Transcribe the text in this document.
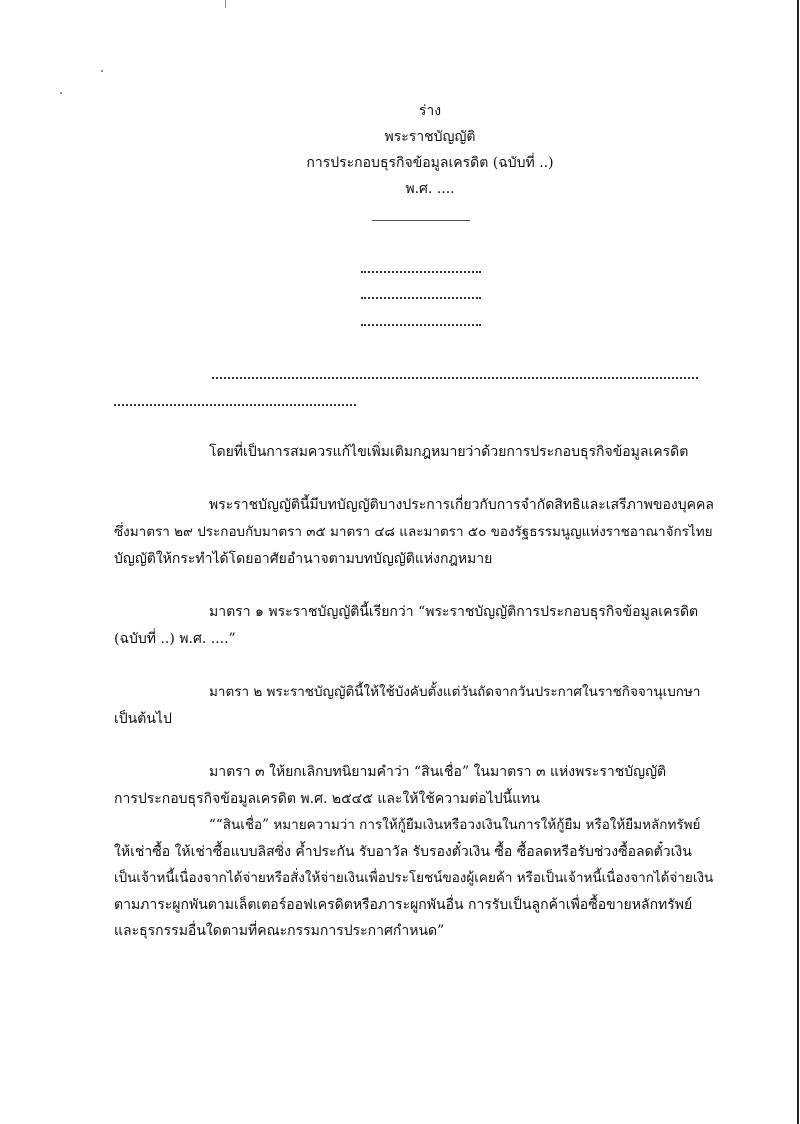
ร่าง
พระราชบัญญัติ
การประกอบธุรกิจข้อมูลเครดิต (ฉบับที่ ..)
พ.ศ. ....

โดยที่เป็นการสมควรแก้ไขเพิ่มเติมกฎหมายว่าด้วยการประกอบธุรกิจข้อมูลเครดิต

พระราชบัญญัตินี้มีบทบัญญัติบางประการเกี่ยวกับการจำกัดสิทธิและเสรีภาพของบุคคล

ซึ่งมาตรา ๒๙ ประกอบกับมาตรา ๓๕ มาตรา ๔๘ และมาตรา ๕๐ ของรัฐธรรมนูญแห่งราชอาณาจักรไทย

บัญญัติให้กระทำได้โดยอาศัยอำนาจตามบทบัญญัติแห่งกฎหมาย

มาตรา ๑ พระราชบัญญัตินี้เรียกว่า “พระราชบัญญัติการประกอบธุรกิจข้อมูลเครดิต

(ฉบับที่ ..) พ.ศ. ....”

มาตรา ๒ พระราชบัญญัตินี้ให้ใช้บังคับตั้งแต่วันถัดจากวันประกาศในราชกิจจานุเบกษา

เป็นต้นไป

มาตรา ๓ ให้ยกเลิกบทนิยามคำว่า “สินเชื่อ” ในมาตรา ๓ แห่งพระราชบัญญัติ

การประกอบธุรกิจข้อมูลเครดิต พ.ศ. ๒๕๔๕ และให้ใช้ความต่อไปนี้แทน

““สินเชื่อ” หมายความว่า การให้กู้ยืมเงินหรือวงเงินในการให้กู้ยืม หรือให้ยืมหลักทรัพย์

ให้เช่าซื้อ ให้เช่าซื้อแบบลิสซิ่ง ค้ำประกัน รับอาวัล รับรองตั๋วเงิน ซื้อ ซื้อลดหรือรับช่วงซื้อลดตั๋วเงิน

เป็นเจ้าหนี้เนื่องจากได้จ่ายหรือสั่งให้จ่ายเงินเพื่อประโยชน์ของผู้เคยค้า หรือเป็นเจ้าหนี้เนื่องจากได้จ่ายเงิน

ตามภาระผูกพันตามเล็ตเตอร์ออฟเครดิตหรือภาระผูกพันอื่น การรับเป็นลูกค้าเพื่อซื้อขายหลักทรัพย์

และธุรกรรมอื่นใดตามที่คณะกรรมการประกาศกำหนด”
